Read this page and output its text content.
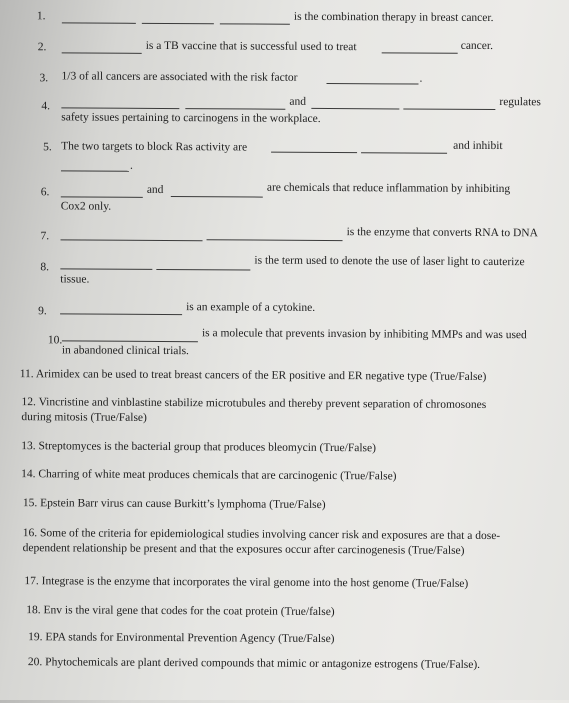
1.	is the combination therapy in breast cancer.
2.	is a TB vaccine that is successful used to treat	cancer.
3. 1/3 of all cancers are associated with the risk factor	.
4.	and	regulates
safety issues pertaining to carcinogens in the workplace.
5. The two targets to block Ras activity are	and inhibit
.
6.	and	are chemicals that reduce inflammation by inhibiting
Cox2 only.
7.	is the enzyme that converts RNA to DNA
8.	is the term used to denote the use of laser light to cauterize
tissue.
9.	is an example of a cytokine.
10.	is a molecule that prevents invasion by inhibiting MMPs and was used
in abandoned clinical trials.
11. Arimidex can be used to treat breast cancers of the ER positive and ER negative type (True/False)
12. Vincristine and vinblastine stabilize microtubules and thereby prevent separation of chromosones
during mitosis (True/False)
13. Streptomyces is the bacterial group that produces bleomycin (True/False)
14. Charring of white meat produces chemicals that are carcinogenic (True/False)
15. Epstein Barr virus can cause Burkitt’s lymphoma (True/False)
16. Some of the criteria for epidemiological studies involving cancer risk and exposures are that a dose-
dependent relationship be present and that the exposures occur after carcinogenesis (True/False)
17. Integrase is the enzyme that incorporates the viral genome into the host genome (True/False)
18. Env is the viral gene that codes for the coat protein (True/false)
19. EPA stands for Environmental Prevention Agency (True/False)
20. Phytochemicals are plant derived compounds that mimic or antagonize estrogens (True/False).
